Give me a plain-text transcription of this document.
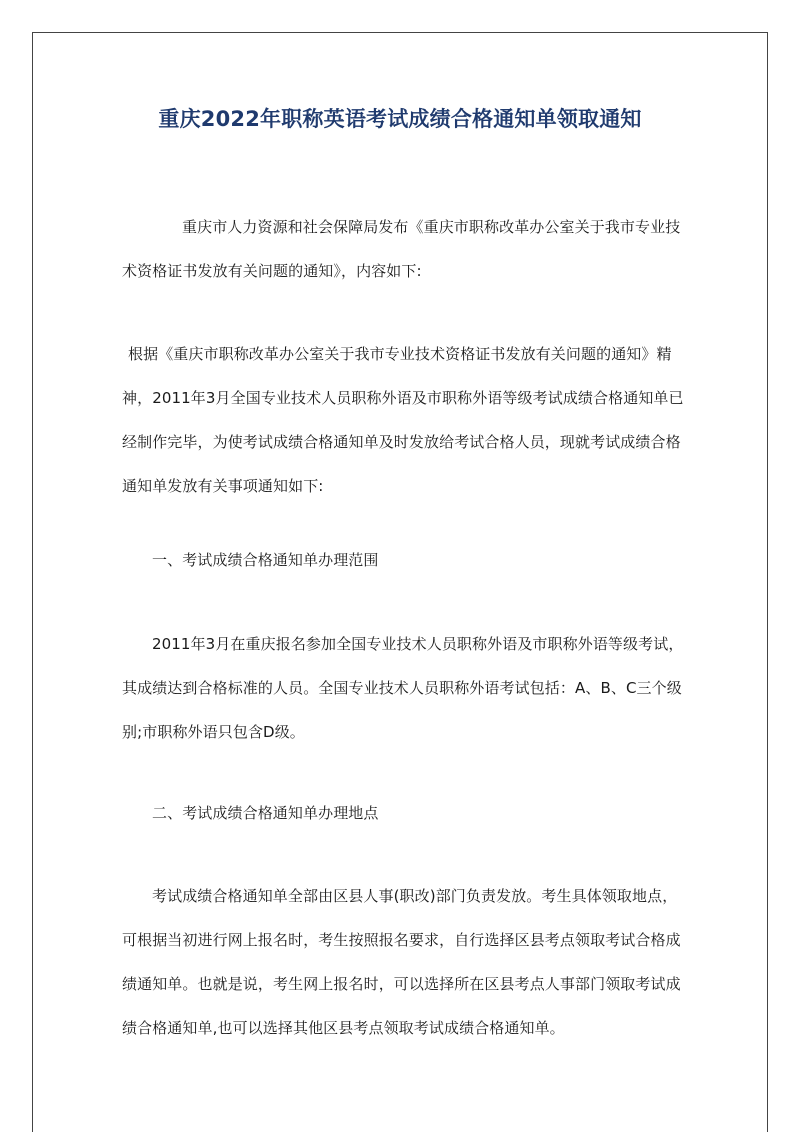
重庆2022年职称英语考试成绩合格通知单领取通知

重庆市人力资源和社会保障局发布《重庆市职称改革办公室关于我市专业技术资格证书发放有关问题的通知》，内容如下:

根据《重庆市职称改革办公室关于我市专业技术资格证书发放有关问题的通知》精神，2011年3月全国专业技术人员职称外语及市职称外语等级考试成绩合格通知单已经制作完毕，为使考试成绩合格通知单及时发放给考试合格人员，现就考试成绩合格通知单发放有关事项通知如下:

一、考试成绩合格通知单办理范围

2011年3月在重庆报名参加全国专业技术人员职称外语及市职称外语等级考试，其成绩达到合格标准的人员。全国专业技术人员职称外语考试包括：A、B、C三个级别;市职称外语只包含D级。

二、考试成绩合格通知单办理地点

考试成绩合格通知单全部由区县人事(职改)部门负责发放。考生具体领取地点，可根据当初进行网上报名时，考生按照报名要求，自行选择区县考点领取考试合格成绩通知单。也就是说，考生网上报名时，可以选择所在区县考点人事部门领取考试成绩合格通知单,也可以选择其他区县考点领取考试成绩合格通知单。
